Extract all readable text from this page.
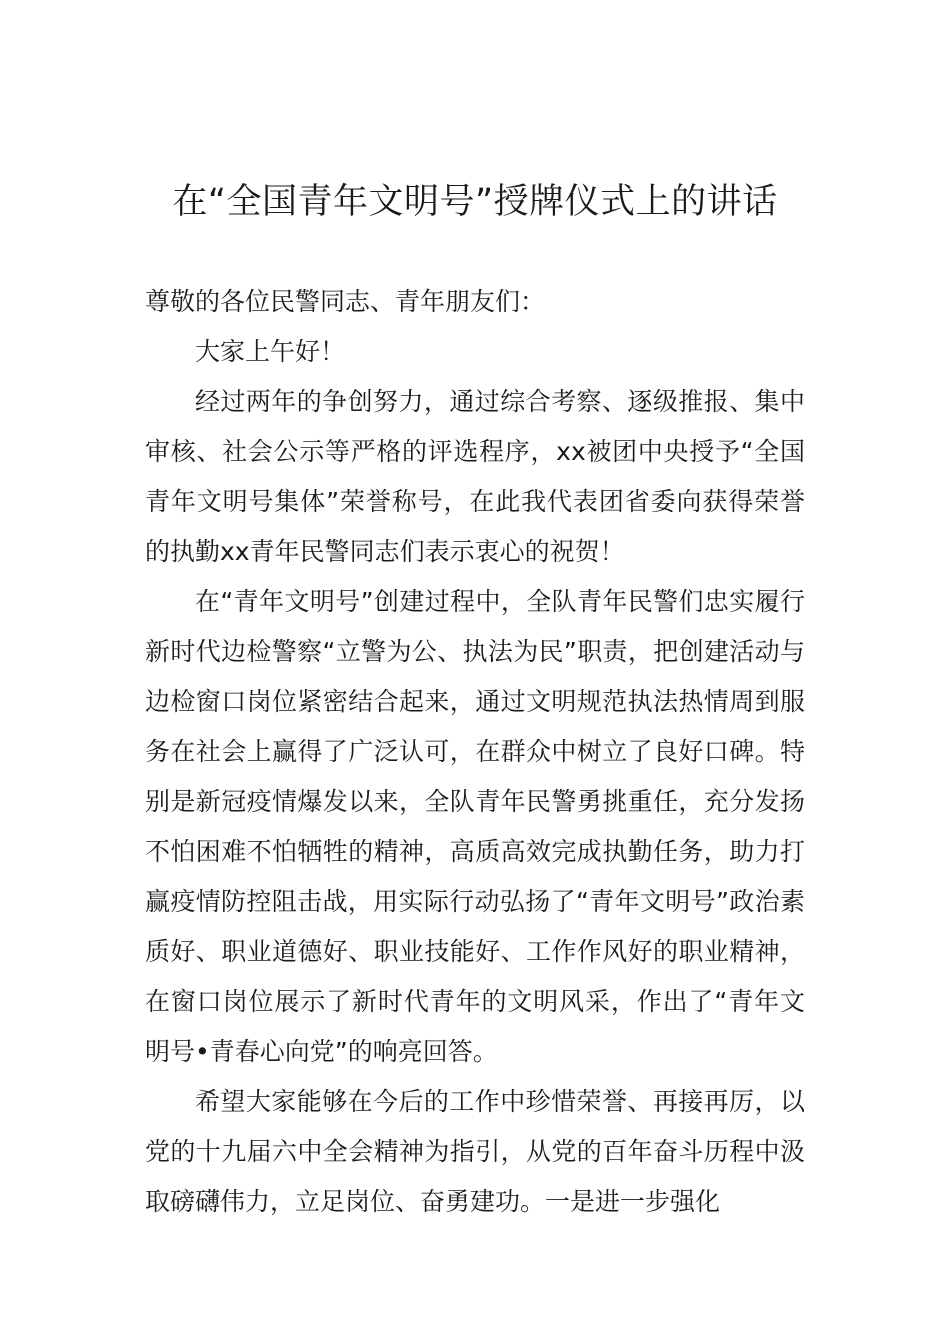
在“全国青年文明号”授牌仪式上的讲话

尊敬的各位民警同志、青年朋友们：

大家上午好！

经过两年的争创努力，通过综合考察、逐级推报、集中审核、社会公示等严格的评选程序，xx被团中央授予“全国青年文明号集体”荣誉称号，在此我代表团省委向获得荣誉的执勤xx青年民警同志们表示衷心的祝贺！

在“青年文明号”创建过程中，全队青年民警们忠实履行新时代边检警察“立警为公、执法为民”职责，把创建活动与边检窗口岗位紧密结合起来，通过文明规范执法热情周到服务在社会上赢得了广泛认可，在群众中树立了良好口碑。特别是新冠疫情爆发以来，全队青年民警勇挑重任，充分发扬不怕困难不怕牺牲的精神，高质高效完成执勤任务，助力打赢疫情防控阻击战，用实际行动弘扬了“青年文明号”政治素质好、职业道德好、职业技能好、工作作风好的职业精神，在窗口岗位展示了新时代青年的文明风采，作出了“青年文明号•青春心向党”的响亮回答。

希望大家能够在今后的工作中珍惜荣誉、再接再厉，以党的十九届六中全会精神为指引，从党的百年奋斗历程中汲取磅礴伟力，立足岗位、奋勇建功。一是进一步强化
